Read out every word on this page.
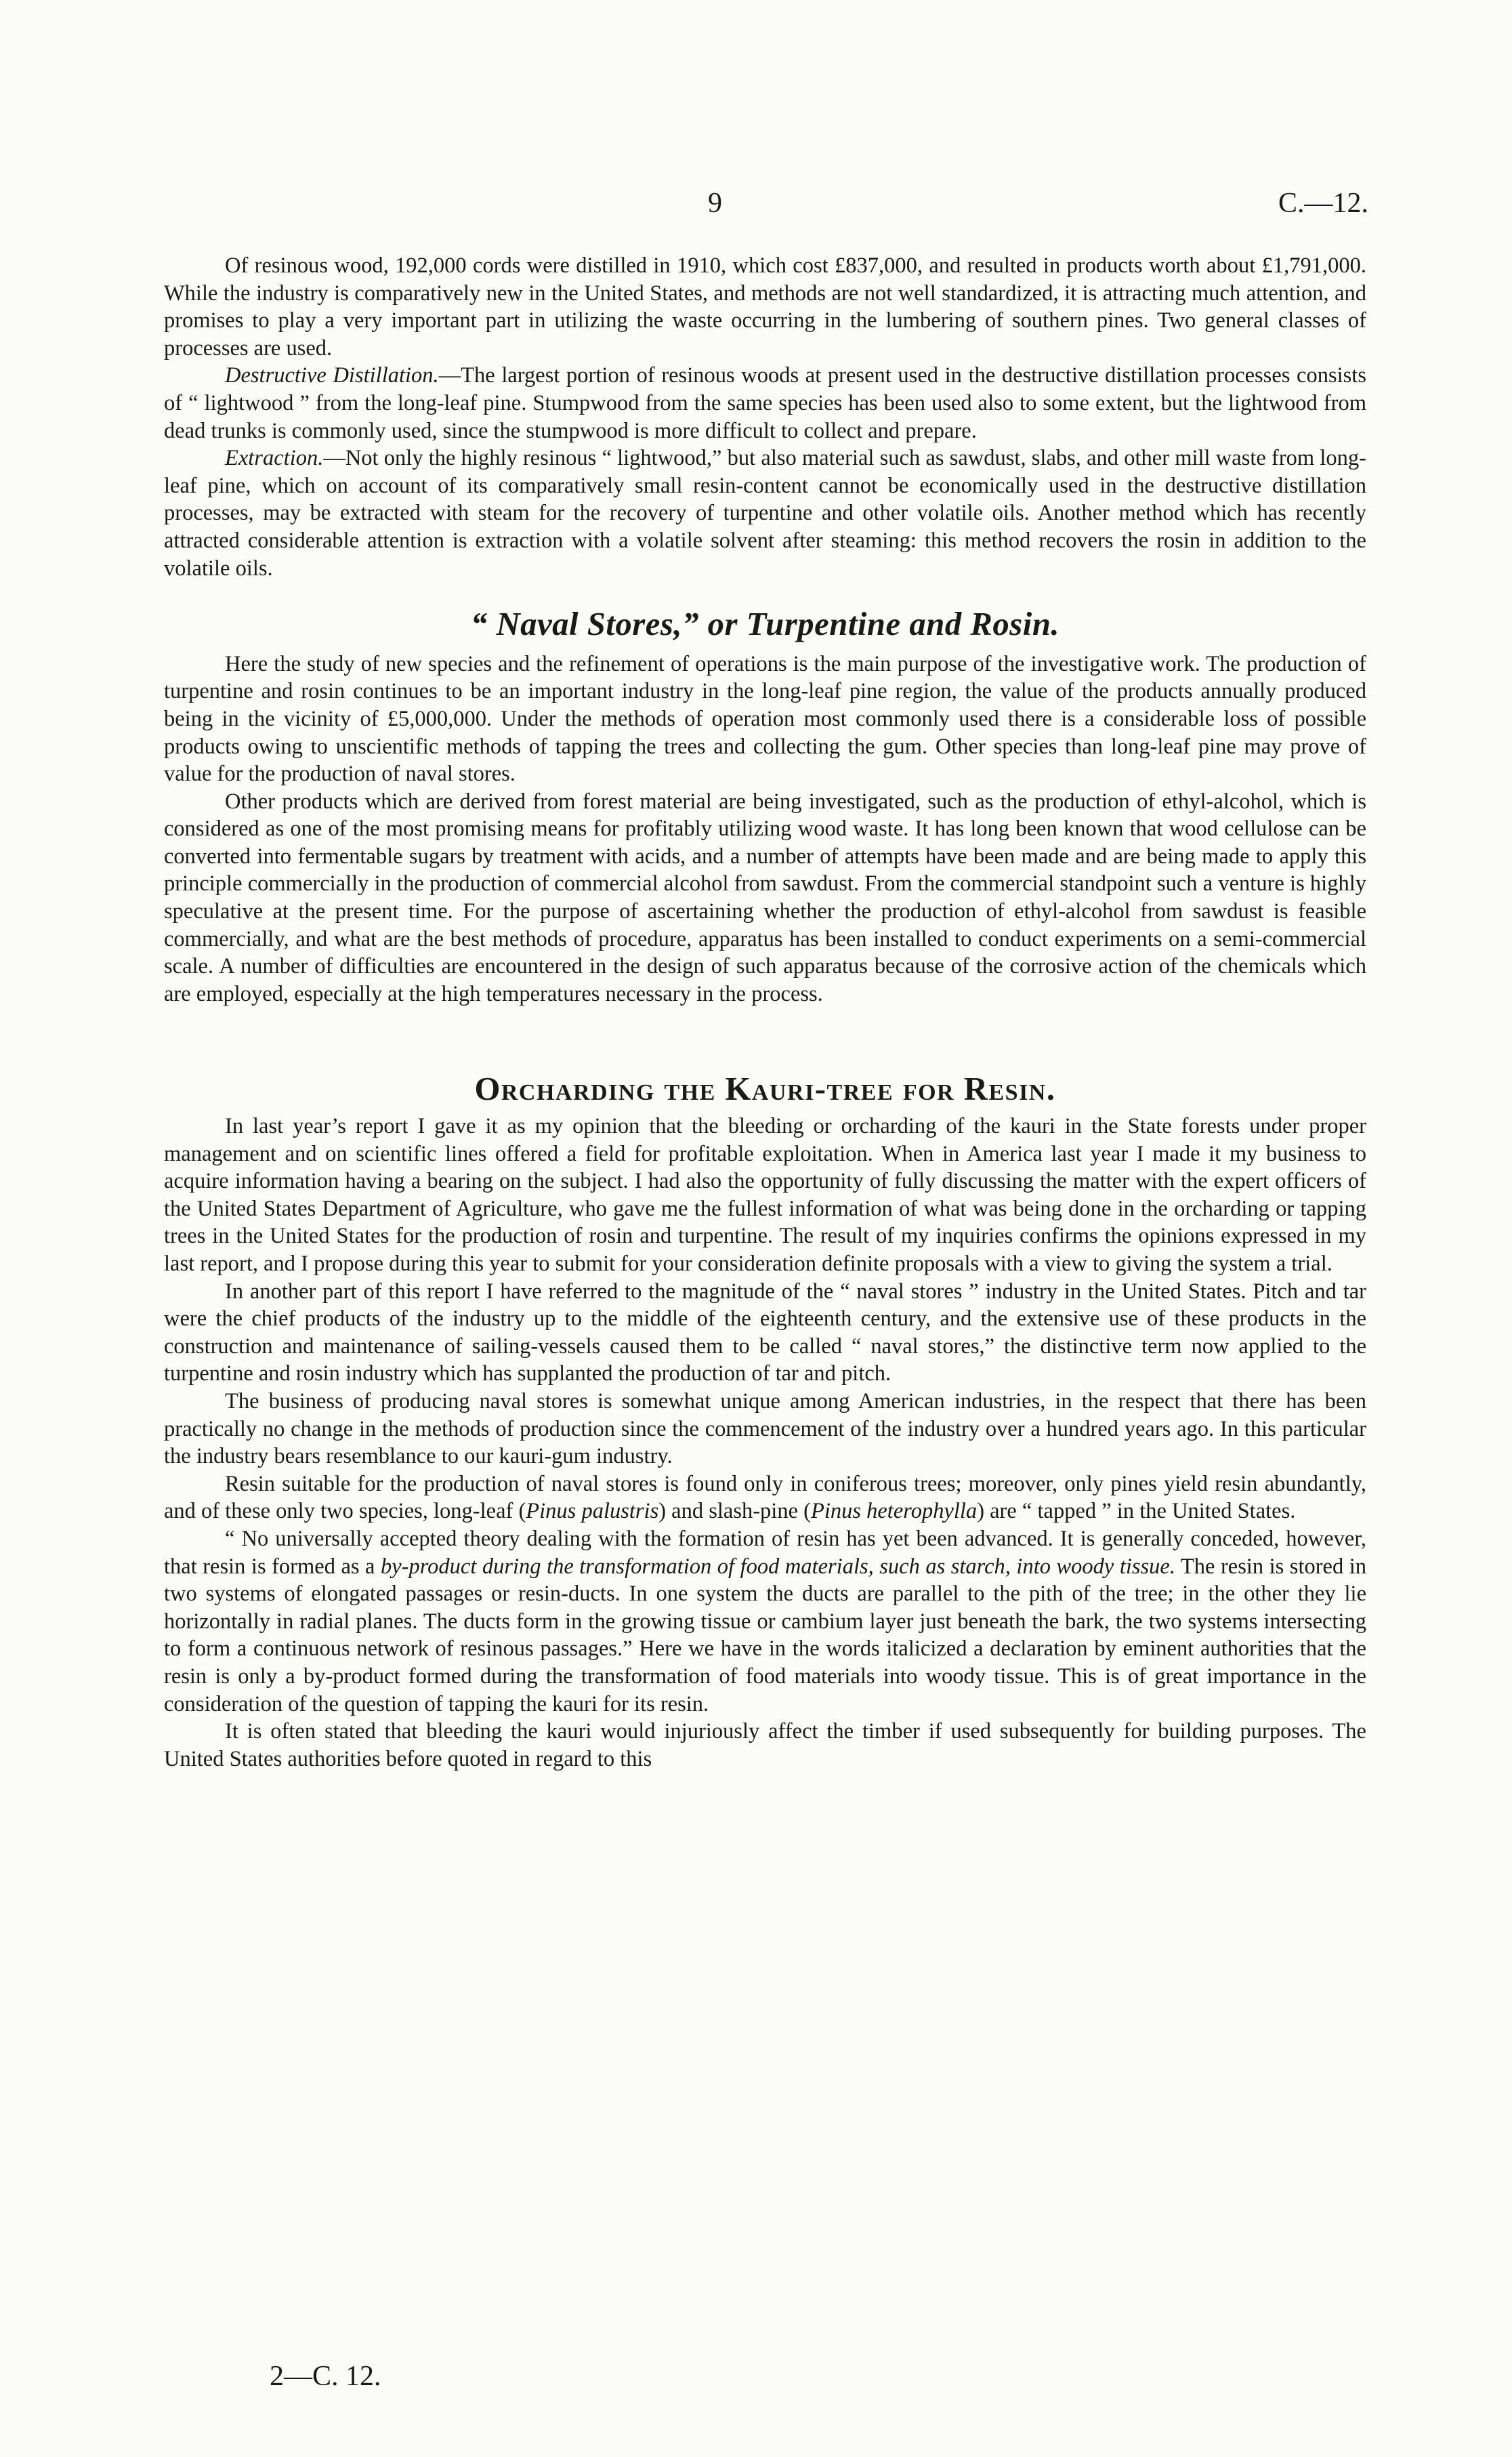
9	C.—12.

Of resinous wood, 192,000 cords were distilled in 1910, which cost £837,000, and resulted in products worth about £1,791,000. While the industry is comparatively new in the United States, and methods are not well standardized, it is attracting much attention, and promises to play a very important part in utilizing the waste occurring in the lumbering of southern pines. Two general classes of processes are used.

Destructive Distillation.—The largest portion of resinous woods at present used in the destructive distillation processes consists of “ lightwood ” from the long-leaf pine. Stumpwood from the same species has been used also to some extent, but the lightwood from dead trunks is commonly used, since the stumpwood is more difficult to collect and prepare.

Extraction.—Not only the highly resinous “ lightwood,” but also material such as sawdust, slabs, and other mill waste from long-leaf pine, which on account of its comparatively small resin-content cannot be economically used in the destructive distillation processes, may be extracted with steam for the recovery of turpentine and other volatile oils. Another method which has recently attracted considerable attention is extraction with a volatile solvent after steaming: this method recovers the rosin in addition to the volatile oils.

“ Naval Stores,” or Turpentine and Rosin.

Here the study of new species and the refinement of operations is the main purpose of the investigative work. The production of turpentine and rosin continues to be an important industry in the long-leaf pine region, the value of the products annually produced being in the vicinity of £5,000,000. Under the methods of operation most commonly used there is a considerable loss of possible products owing to unscientific methods of tapping the trees and collecting the gum. Other species than long-leaf pine may prove of value for the production of naval stores.

Other products which are derived from forest material are being investigated, such as the production of ethyl-alcohol, which is considered as one of the most promising means for profitably utilizing wood waste. It has long been known that wood cellulose can be converted into fermentable sugars by treatment with acids, and a number of attempts have been made and are being made to apply this principle commercially in the production of commercial alcohol from sawdust. From the commercial standpoint such a venture is highly speculative at the present time. For the purpose of ascertaining whether the production of ethyl-alcohol from sawdust is feasible commercially, and what are the best methods of procedure, apparatus has been installed to conduct experiments on a semi-commercial scale. A number of difficulties are encountered in the design of such apparatus because of the corrosive action of the chemicals which are employed, especially at the high temperatures necessary in the process.

Orcharding the Kauri-tree for Resin.

In last year’s report I gave it as my opinion that the bleeding or orcharding of the kauri in the State forests under proper management and on scientific lines offered a field for profitable exploitation. When in America last year I made it my business to acquire information having a bearing on the subject. I had also the opportunity of fully discussing the matter with the expert officers of the United States Department of Agriculture, who gave me the fullest information of what was being done in the orcharding or tapping trees in the United States for the production of rosin and turpentine. The result of my inquiries confirms the opinions expressed in my last report, and I propose during this year to submit for your consideration definite proposals with a view to giving the system a trial.

In another part of this report I have referred to the magnitude of the “ naval stores ” industry in the United States. Pitch and tar were the chief products of the industry up to the middle of the eighteenth century, and the extensive use of these products in the construction and maintenance of sailing-vessels caused them to be called “ naval stores,” the distinctive term now applied to the turpentine and rosin industry which has supplanted the production of tar and pitch.

The business of producing naval stores is somewhat unique among American industries, in the respect that there has been practically no change in the methods of production since the commencement of the industry over a hundred years ago. In this particular the industry bears resemblance to our kauri-gum industry.

Resin suitable for the production of naval stores is found only in coniferous trees; moreover, only pines yield resin abundantly, and of these only two species, long-leaf (Pinus palustris) and slash-pine (Pinus heterophylla) are “ tapped ” in the United States.

“ No universally accepted theory dealing with the formation of resin has yet been advanced. It is generally conceded, however, that resin is formed as a by-product during the transformation of food materials, such as starch, into woody tissue. The resin is stored in two systems of elongated passages or resin-ducts. In one system the ducts are parallel to the pith of the tree; in the other they lie horizontally in radial planes. The ducts form in the growing tissue or cambium layer just beneath the bark, the two systems intersecting to form a continuous network of resinous passages.” Here we have in the words italicized a declaration by eminent authorities that the resin is only a by-product formed during the transformation of food materials into woody tissue. This is of great importance in the consideration of the question of tapping the kauri for its resin.

It is often stated that bleeding the kauri would injuriously affect the timber if used subsequently for building purposes. The United States authorities before quoted in regard to this

2—C. 12.
